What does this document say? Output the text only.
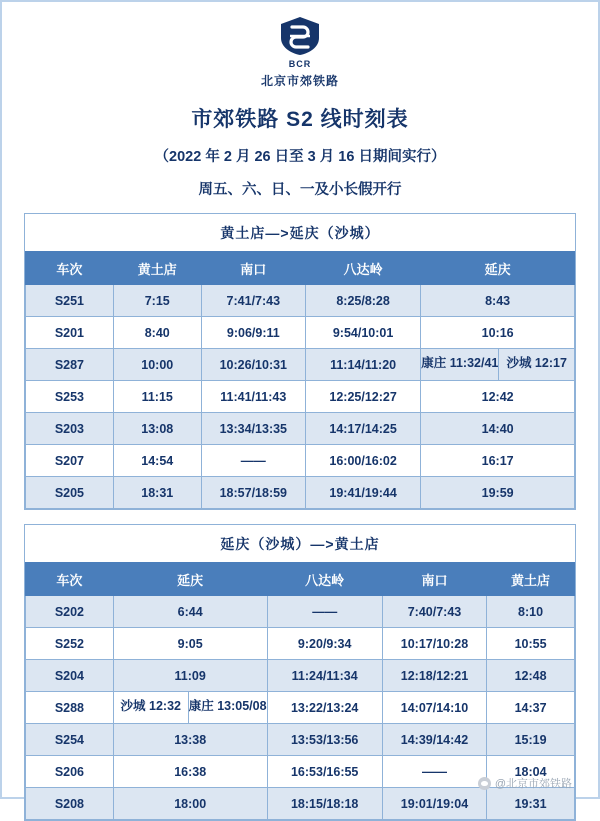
BCR
北京市郊铁路
市郊铁路 S2 线时刻表
（2022 年 2 月 26 日至 3 月 16 日期间实行）
周五、六、日、一及小长假开行
黄土店—>延庆（沙城）
车次	黄土店	南口	八达岭	延庆
S251	7:15	7:41/7:43	8:25/8:28	8:43
S201	8:40	9:06/9:11	9:54/10:01	10:16
S287	10:00	10:26/10:31	11:14/11:20	康庄 11:32/41 沙城 12:17

S253	11:15	11:41/11:43	12:25/12:27	12:42
S203	13:08	13:34/13:35	14:17/14:25	14:40
S207	14:54	——	16:00/16:02	16:17
S205	18:31	18:57/18:59	19:41/19:44	19:59
延庆（沙城）—>黄土店
车次	延庆	八达岭	南口	黄土店
S202	6:44	——	7:40/7:43	8:10
S252	9:05	9:20/9:34	10:17/10:28	10:55
S204	11:09	11:24/11:34	12:18/12:21	12:48
S288	沙城 12:32 康庄 13:05/08	13:22/13:24	14:07/14:10	14:37
S254	13:38	13:53/13:56	14:39/14:42	15:19
S206	16:38	16:53/16:55	——	18:04
S208	18:00	18:15/18:18	19:01/19:04	19:31
@北京市郊铁路
